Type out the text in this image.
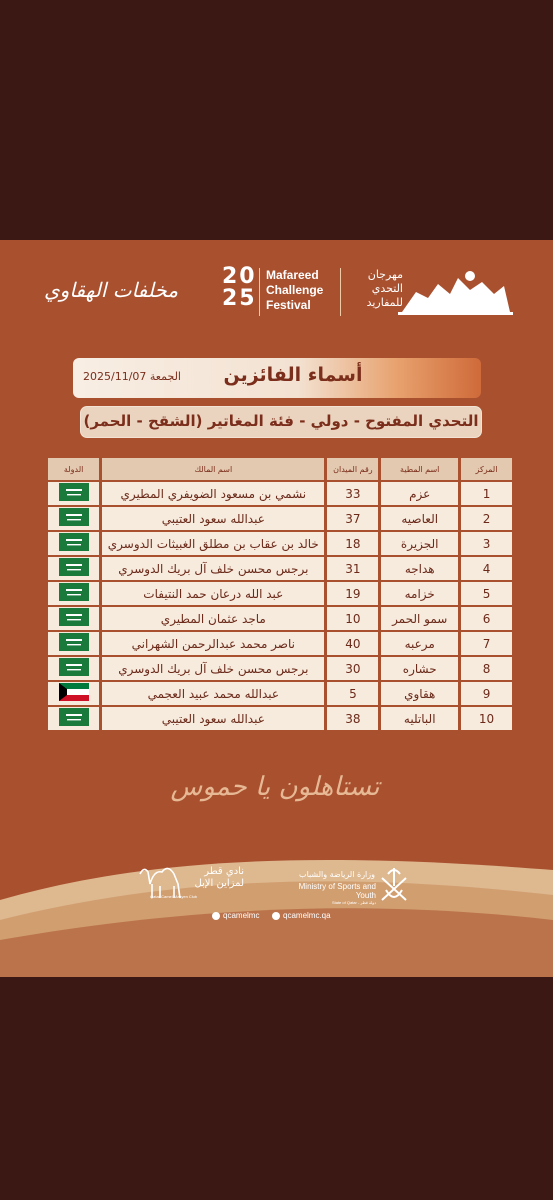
مخلفات الهقاوي
20
25
Mafareed
Challenge
Festival
مهرجان
التحدي
للمفاريد
الجمعة 2025/11/07	أسماء الفائزين
التحدي المفتوح - دولي - فئة المغاتير (الشقح - الحمر)
المركز	اسم المطية	رقم الميدان	اسم المالك	الدولة
1	عزم	33	نشمي بن مسعود الضويفري المطيري	
2	العاصيه	37	عبدالله سعود العتيبي	
3	الجزيرة	18	خالد بن عقاب بن مطلق الغبيثات الدوسري	
4	هداجه	31	برجس محسن خلف آل بريك الدوسري	
5	خزامه	19	عبد الله درعان حمد النتيفات	
6	سمو الحمر	10	ماجد عثمان المطيري	
7	مرعبه	40	ناصر محمد عبدالرحمن الشهراني	
8	حشاره	30	برجس محسن خلف آل بريك الدوسري	
9	هقاوي	5	عبدالله محمد عبيد العجمي	
10	الباتليه	38	عبدالله سعود العتيبي	
تستاهلون يا حموس
نادي قطر
لمزاين الإبل
Qatar Camel Mzayen Club
وزارة الرياضة والشباب
Ministry of Sports and Youth
State of Qatar - دولة قطر
qcamelmc	qcamelmc.qa
